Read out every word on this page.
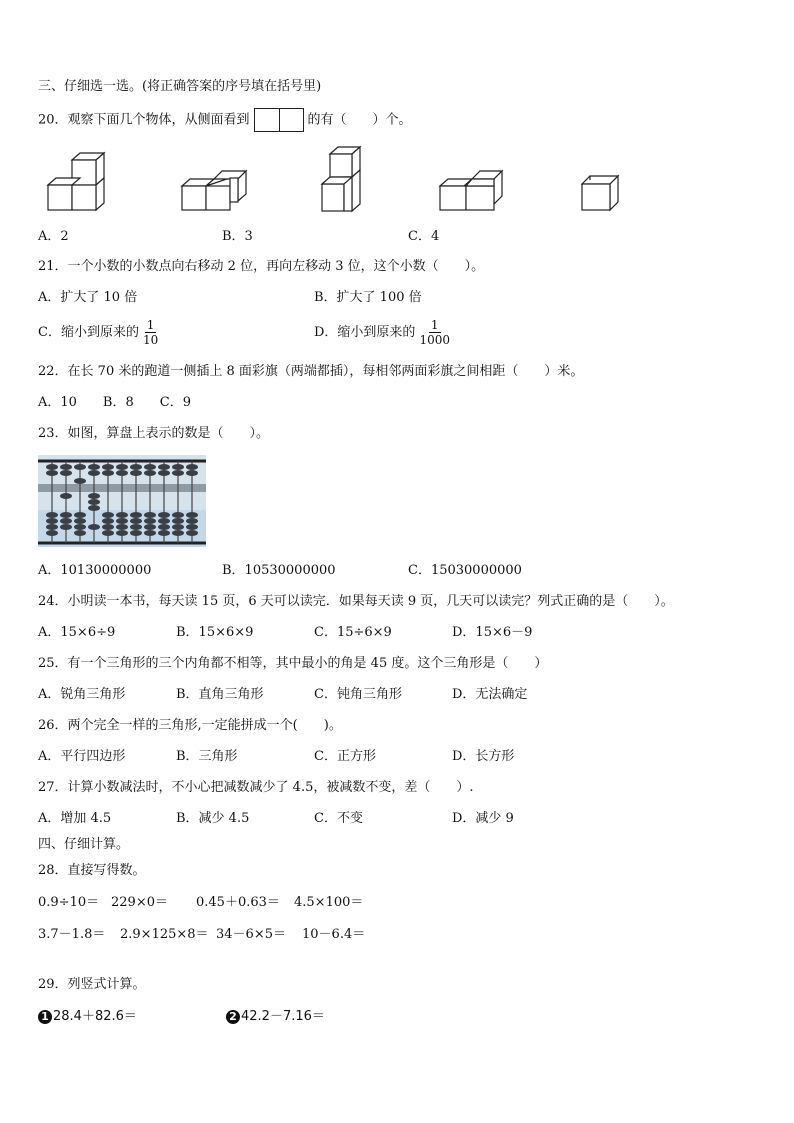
三、仔细选一选。(将正确答案的序号填在括号里)
20．观察下面几个物体，从侧面看到	的有（　　）个。
A．2	B．3	C．4
21．一个小数的小数点向右移动 2 位，再向左移动 3 位，这个小数（　　）。
A．扩大了 10 倍	B．扩大了 100 倍
C．缩小到原来的 $\frac{1}{10}$	D．缩小到原来的 $\frac{1}{1000}$
22．在长 70 米的跑道一侧插上 8 面彩旗（两端都插），每相邻两面彩旗之间相距（　　）米。
A．10　　B．8　　C．9
23．如图，算盘上表示的数是（　　）。
A．10130000000	B．10530000000	C．15030000000
24．小明读一本书，每天读 15 页，6 天可以读完．如果每天读 9 页，几天可以读完？列式正确的是（　　）。
A．15×6÷9	B．15×6×9	C．15÷6×9	D．15×6－9
25．有一个三角形的三个内角都不相等，其中最小的角是 45 度。这个三角形是（　　）
A．锐角三角形	B．直角三角形	C．钝角三角形	D．无法确定
26．两个完全一样的三角形,一定能拼成一个(　　)。
A．平行四边形	B．三角形	C．正方形	D．长方形
27．计算小数减法时，不小心把减数减少了 4.5，被减数不变，差（　　）.
A．增加 4.5	B．减少 4.5	C．不变	D．减少 9
四、仔细计算。
28．直接写得数。
0.9÷10＝ 229×0＝ 0.45＋0.63＝ 4.5×100＝
3.7－1.8＝ 2.9×125×8＝ 34－6×5＝ 10－6.4＝
29．列竖式计算。
1 28.4＋82.6＝	2 42.2－7.16＝
